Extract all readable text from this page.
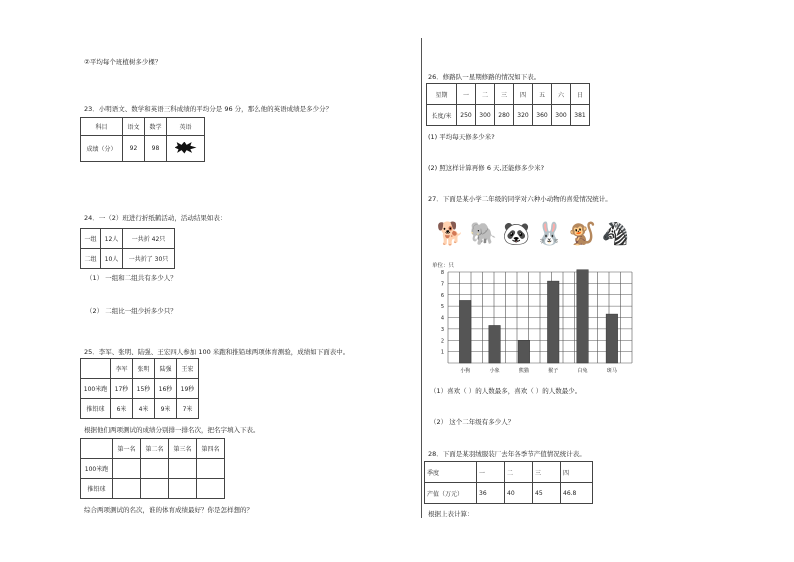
②平均每个班植树多少棵？
23．小明语文、数学和英语三科成绩的平均分是 96 分，那么他的英语成绩是多少分？
科目	语文	数学	英语
成绩（分）	92	98	
24．一（2）班进行折纸鹤活动，活动结果如表：
一组	12人	一共折 42只
二组	10人	一共折了 30只
（1） 一组和二组共有多少人？
（2） 二组比一组少折多少只？
25．李军、张明、陆强、王宏四人参加 100 米跑和推铅球两项体育测验，成绩如下面表中。
	李军	张明	陆强	王宏
100米跑	17秒	15秒	16秒	19秒
推铅球	6米	4米	9米	7米
根据他们两项测试的成绩分别排一排名次，把名字填入下表。
	第一名	第二名	第三名	第四名
100米跑				
推铅球				
综合两项测试的名次，谁的体育成绩最好？你是怎样想的？
26．修路队一星期修路的情况如下表。
星期	一	二	三	四	五	六	日
长度/米	250	300	280	320	360	300	381
(1) 平均每天修多少米?
(2) 照这样计算再修 6 天,还能修多少米?
27．下面是某小学二年级的同学对六种小动物的喜爱情况统计。
🐕 🐘 🐼 🐰 🐒 🦓
单位：只
1
2
3
4
5
6
7
8
小狗	小象	熊猫	猴子	白兔	斑马
（1）喜欢（ ）的人数最多，喜欢（ ）的人数最少。
（2） 这个二年级有多少人？
28．下面是某羽绒服装厂去年各季节产值情况统计表。
季度	一	二	三	四
产值（万元）	36	40	45	46.8
根据上表计算：
